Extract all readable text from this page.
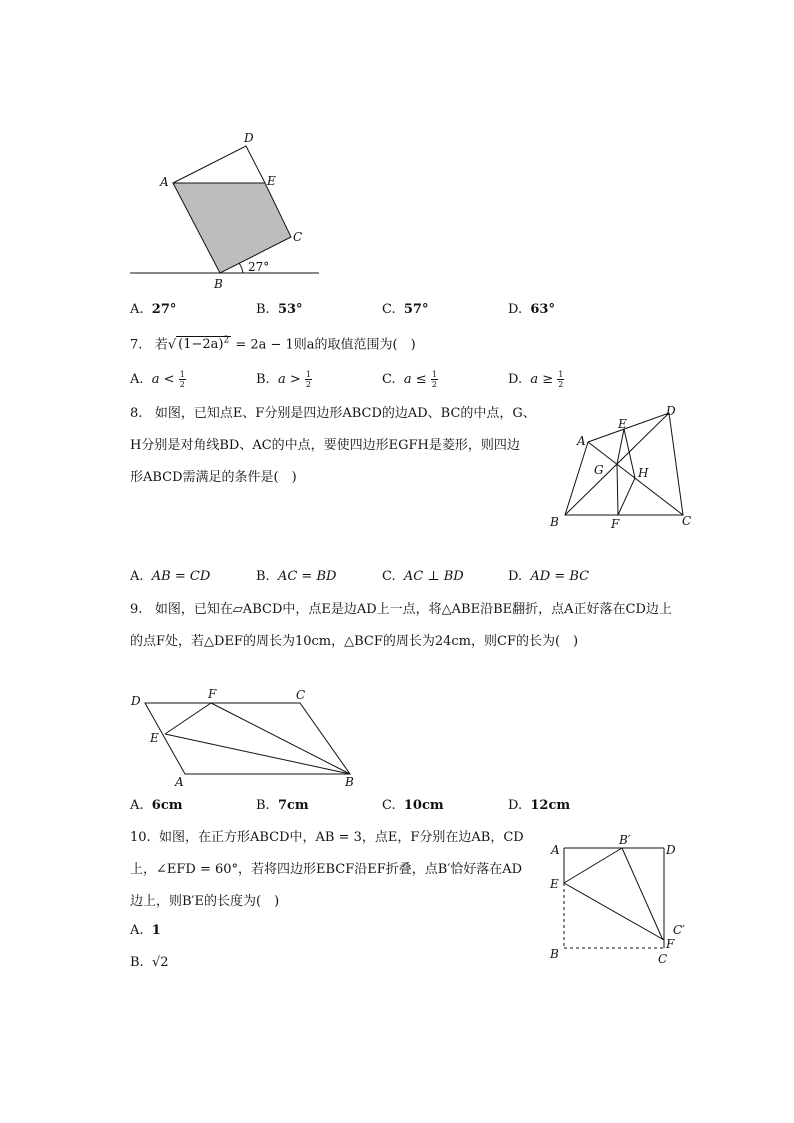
D
A	E
C
B
27°
A. 27°	B. 53°	C. 57°	D. 63°
7. 若√ $(1-2a)^2 = 2a - 1$则a的取值范围为(　)
A. $a < \frac{1}{2}$	B. $a > \frac{1}{2}$	C. $a \le \frac{1}{2}$	D. $a \ge \frac{1}{2}$
8. 如图，已知点E、F分别是四边形ABCD的边AD、BC的中点，G、
H分别是对角线BD、AC的中点，要使四边形EGFH是菱形，则四边
形ABCD需满足的条件是(　)
A
E
D
G	H
B	F	C
A. AB = CD	B. AC = BD	C. AC ⊥ BD	D. AD = BC
9. 如图，已知在▱ABCD中，点E是边AD上一点，将△ABE沿BE翻折，点A正好落在CD边上
的点F处，若△DEF的周长为10cm，△BCF的周长为24cm，则CF的长为(　)
D	F	C
E
A	B
A. 6cm	B. 7cm	C. 10cm	D. 12cm
10. 如图，在正方形ABCD中，AB = 3，点E，F分别在边AB，CD
上，∠EFD = 60°，若将四边形EBCF沿EF折叠，点B′恰好落在AD
边上，则B′E的长度为(　)
A
B′
D
E
C′
F
B	C
A. 1
B. √2
